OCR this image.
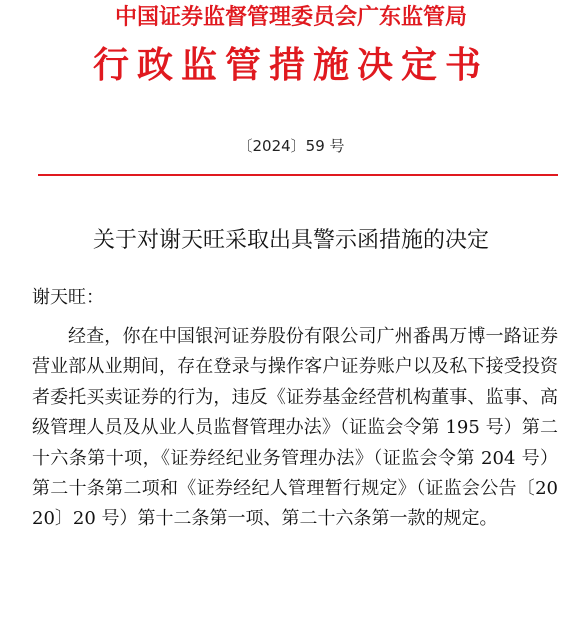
中国证券监督管理委员会广东监管局
行政监管措施决定书
〔2024〕59 号
关于对谢天旺采取出具警示函措施的决定
谢天旺：
经查，你在中国银河证券股份有限公司广州番禺万博一路证券营业部从业期间，存在登录与操作客户证券账户以及私下接受投资者委托买卖证券的行为，违反《证券基金经营机构董事、监事、高级管理人员及从业人员监督管理办法》（证监会令第 195 号）第二十六条第十项，《证券经纪业务管理办法》（证监会令第 204 号）第二十条第二项和《证券经纪人管理暂行规定》（证监会公告〔2020〕20 号）第十二条第一项、第二十六条第一款的规定。
